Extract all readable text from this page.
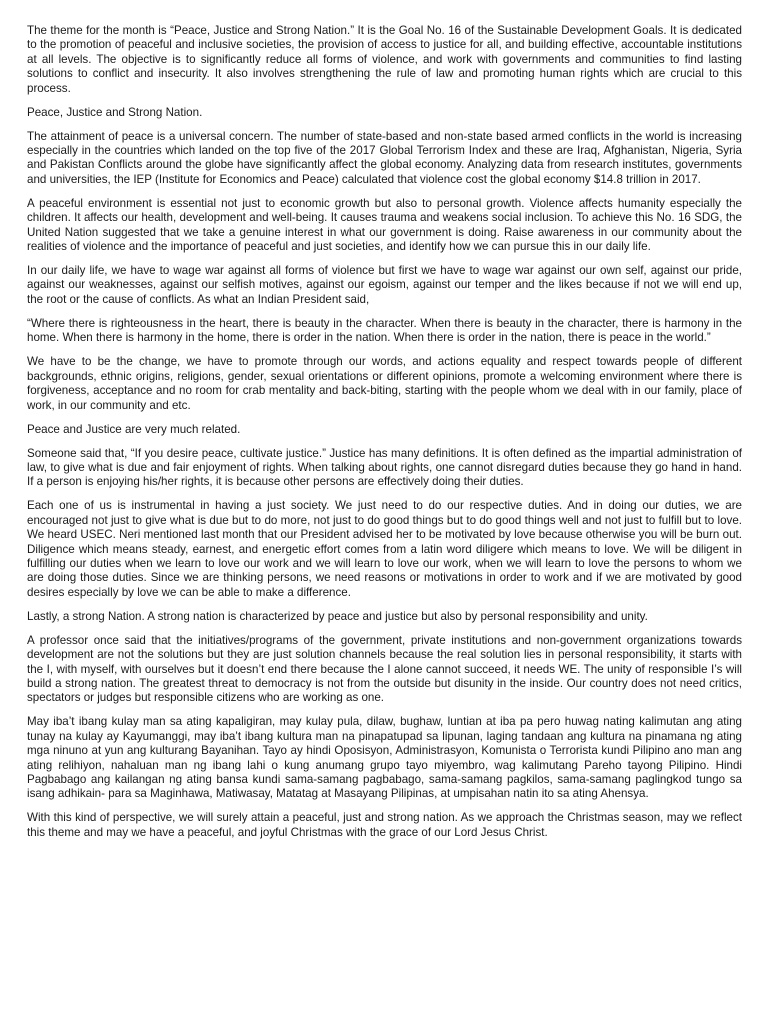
The theme for the month is “Peace, Justice and Strong Nation.” It is the Goal No. 16 of the Sustainable Development Goals. It is dedicated to the promotion of peaceful and inclusive societies, the provision of access to justice for all, and building effective, accountable institutions at all levels. The objective is to significantly reduce all forms of violence, and work with governments and communities to find lasting solutions to conflict and insecurity. It also involves strengthening the rule of law and promoting human rights which are crucial to this process.

Peace, Justice and Strong Nation.

The attainment of peace is a universal concern. The number of state-based and non-state based armed conflicts in the world is increasing especially in the countries which landed on the top five of the 2017 Global Terrorism Index and these are Iraq, Afghanistan, Nigeria, Syria and Pakistan Conflicts around the globe have significantly affect the global economy. Analyzing data from research institutes, governments and universities, the IEP (Institute for Economics and Peace) calculated that violence cost the global economy $14.8 trillion in 2017.

A peaceful environment is essential not just to economic growth but also to personal growth. Violence affects humanity especially the children. It affects our health, development and well-being. It causes trauma and weakens social inclusion. To achieve this No. 16 SDG, the United Nation suggested that we take a genuine interest in what our government is doing. Raise awareness in our community about the realities of violence and the importance of peaceful and just societies, and identify how we can pursue this in our daily life.

In our daily life, we have to wage war against all forms of violence but first we have to wage war against our own self, against our pride, against our weaknesses, against our selfish motives, against our egoism, against our temper and the likes because if not we will end up, the root or the cause of conflicts. As what an Indian President said,

“Where there is righteousness in the heart, there is beauty in the character. When there is beauty in the character, there is harmony in the home. When there is harmony in the home, there is order in the nation. When there is order in the nation, there is peace in the world.”

We have to be the change, we have to promote through our words, and actions equality and respect towards people of different backgrounds, ethnic origins, religions, gender, sexual orientations or different opinions, promote a welcoming environment where there is forgiveness, acceptance and no room for crab mentality and back-biting, starting with the people whom we deal with in our family, place of work, in our community and etc.

Peace and Justice are very much related.

Someone said that, “If you desire peace, cultivate justice.” Justice has many definitions. It is often defined as the impartial administration of law, to give what is due and fair enjoyment of rights. When talking about rights, one cannot disregard duties because they go hand in hand. If a person is enjoying his/her rights, it is because other persons are effectively doing their duties.

Each one of us is instrumental in having a just society. We just need to do our respective duties. And in doing our duties, we are encouraged not just to give what is due but to do more, not just to do good things but to do good things well and not just to fulfill but to love. We heard USEC. Neri mentioned last month that our President advised her to be motivated by love because otherwise you will be burn out. Diligence which means steady, earnest, and energetic effort comes from a latin word diligere which means to love. We will be diligent in fulfilling our duties when we learn to love our work and we will learn to love our work, when we will learn to love the persons to whom we are doing those duties. Since we are thinking persons, we need reasons or motivations in order to work and if we are motivated by good desires especially by love we can be able to make a difference.

Lastly, a strong Nation. A strong nation is characterized by peace and justice but also by personal responsibility and unity.

A professor once said that the initiatives/programs of the government, private institutions and non-government organizations towards development are not the solutions but they are just solution channels because the real solution lies in personal responsibility, it starts with the I, with myself, with ourselves but it doesn’t end there because the I alone cannot succeed, it needs WE. The unity of responsible I’s will build a strong nation. The greatest threat to democracy is not from the outside but disunity in the inside. Our country does not need critics, spectators or judges but responsible citizens who are working as one.

May iba’t ibang kulay man sa ating kapaligiran, may kulay pula, dilaw, bughaw, luntian at iba pa pero huwag nating kalimutan ang ating tunay na kulay ay Kayumanggi, may iba’t ibang kultura man na pinapatupad sa lipunan, laging tandaan ang kultura na pinamana ng ating mga ninuno at yun ang kulturang Bayanihan. Tayo ay hindi Oposisyon, Administrasyon, Komunista o Terrorista kundi Pilipino ano man ang ating relihiyon, nahaluan man ng ibang lahi o kung anumang grupo tayo miyembro, wag kalimutang Pareho tayong Pilipino. Hindi Pagbabago ang kailangan ng ating bansa kundi sama-samang pagbabago, sama-samang pagkilos, sama-samang paglingkod tungo sa isang adhikain- para sa Maginhawa, Matiwasay, Matatag at Masayang Pilipinas, at umpisahan natin ito sa ating Ahensya.

With this kind of perspective, we will surely attain a peaceful, just and strong nation. As we approach the Christmas season, may we reflect this theme and may we have a peaceful, and joyful Christmas with the grace of our Lord Jesus Christ.
